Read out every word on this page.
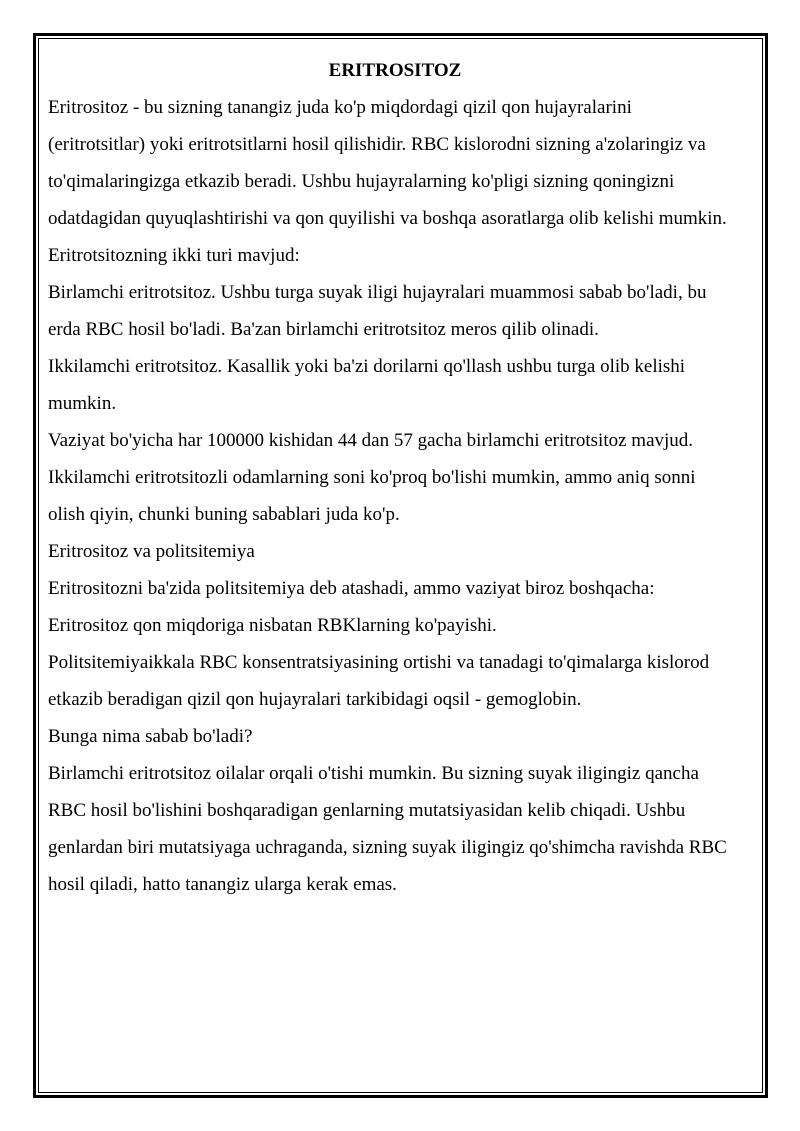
ERITROSITOZ

Eritrositoz - bu sizning tanangiz juda ko'p miqdordagi qizil qon hujayralarini (eritrotsitlar) yoki eritrotsitlarni hosil qilishidir. RBC kislorodni sizning a'zolaringiz va to'qimalaringizga etkazib beradi. Ushbu hujayralarning ko'pligi sizning qoningizni odatdagidan quyuqlashtirishi va qon quyilishi va boshqa asoratlarga olib kelishi mumkin.

Eritrotsitozning ikki turi mavjud:

Birlamchi eritrotsitoz. Ushbu turga suyak iligi hujayralari muammosi sabab bo'ladi, bu erda RBC hosil bo'ladi. Ba'zan birlamchi eritrotsitoz meros qilib olinadi.

Ikkilamchi eritrotsitoz. Kasallik yoki ba'zi dorilarni qo'llash ushbu turga olib kelishi mumkin.

Vaziyat bo'yicha har 100000 kishidan 44 dan 57 gacha birlamchi eritrotsitoz mavjud. Ikkilamchi eritrotsitozli odamlarning soni ko'proq bo'lishi mumkin, ammo aniq sonni olish qiyin, chunki buning sabablari juda ko'p.

Eritrositoz va politsitemiya

Eritrositozni ba'zida politsitemiya deb atashadi, ammo vaziyat biroz boshqacha:

Eritrositoz qon miqdoriga nisbatan RBKlarning ko'payishi.

Politsitemiyaikkala RBC konsentratsiyasining ortishi va tanadagi to'qimalarga kislorod etkazib beradigan qizil qon hujayralari tarkibidagi oqsil - gemoglobin.

Bunga nima sabab bo'ladi?

Birlamchi eritrotsitoz oilalar orqali o'tishi mumkin. Bu sizning suyak iligingiz qancha RBC hosil bo'lishini boshqaradigan genlarning mutatsiyasidan kelib chiqadi. Ushbu genlardan biri mutatsiyaga uchraganda, sizning suyak iligingiz qo'shimcha ravishda RBC hosil qiladi, hatto tanangiz ularga kerak emas.
